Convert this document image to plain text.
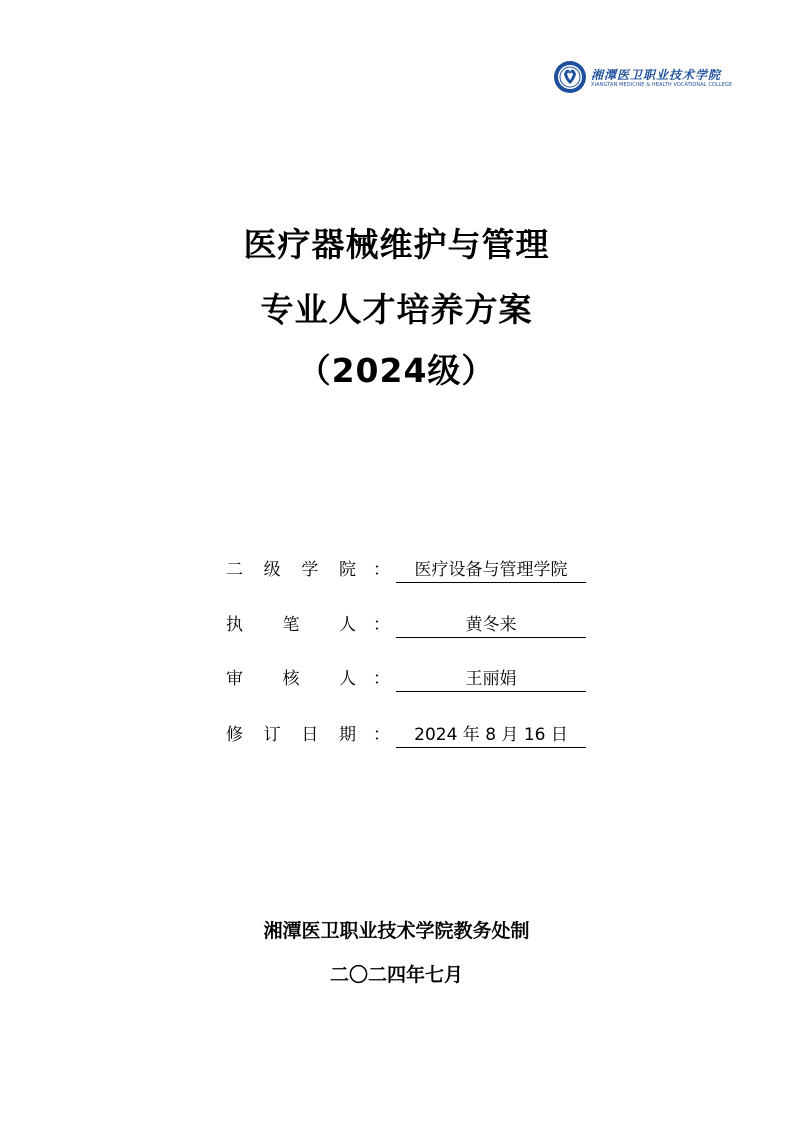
湘潭医卫职业技术学院
XIANGTAN MEDICINE & HEALTH VOCATIONAL COLLEGE
医疗器械维护与管理
专业人才培养方案
（2024级）
二 级 学 院 ：	医疗设备与管理学院
执 笔 人 ：	黄冬来
审 核 人 ：	王丽娟
修 订 日 期 ：	2024 年 8 月 16 日
湘潭医卫职业技术学院教务处制
二〇二四年七月
